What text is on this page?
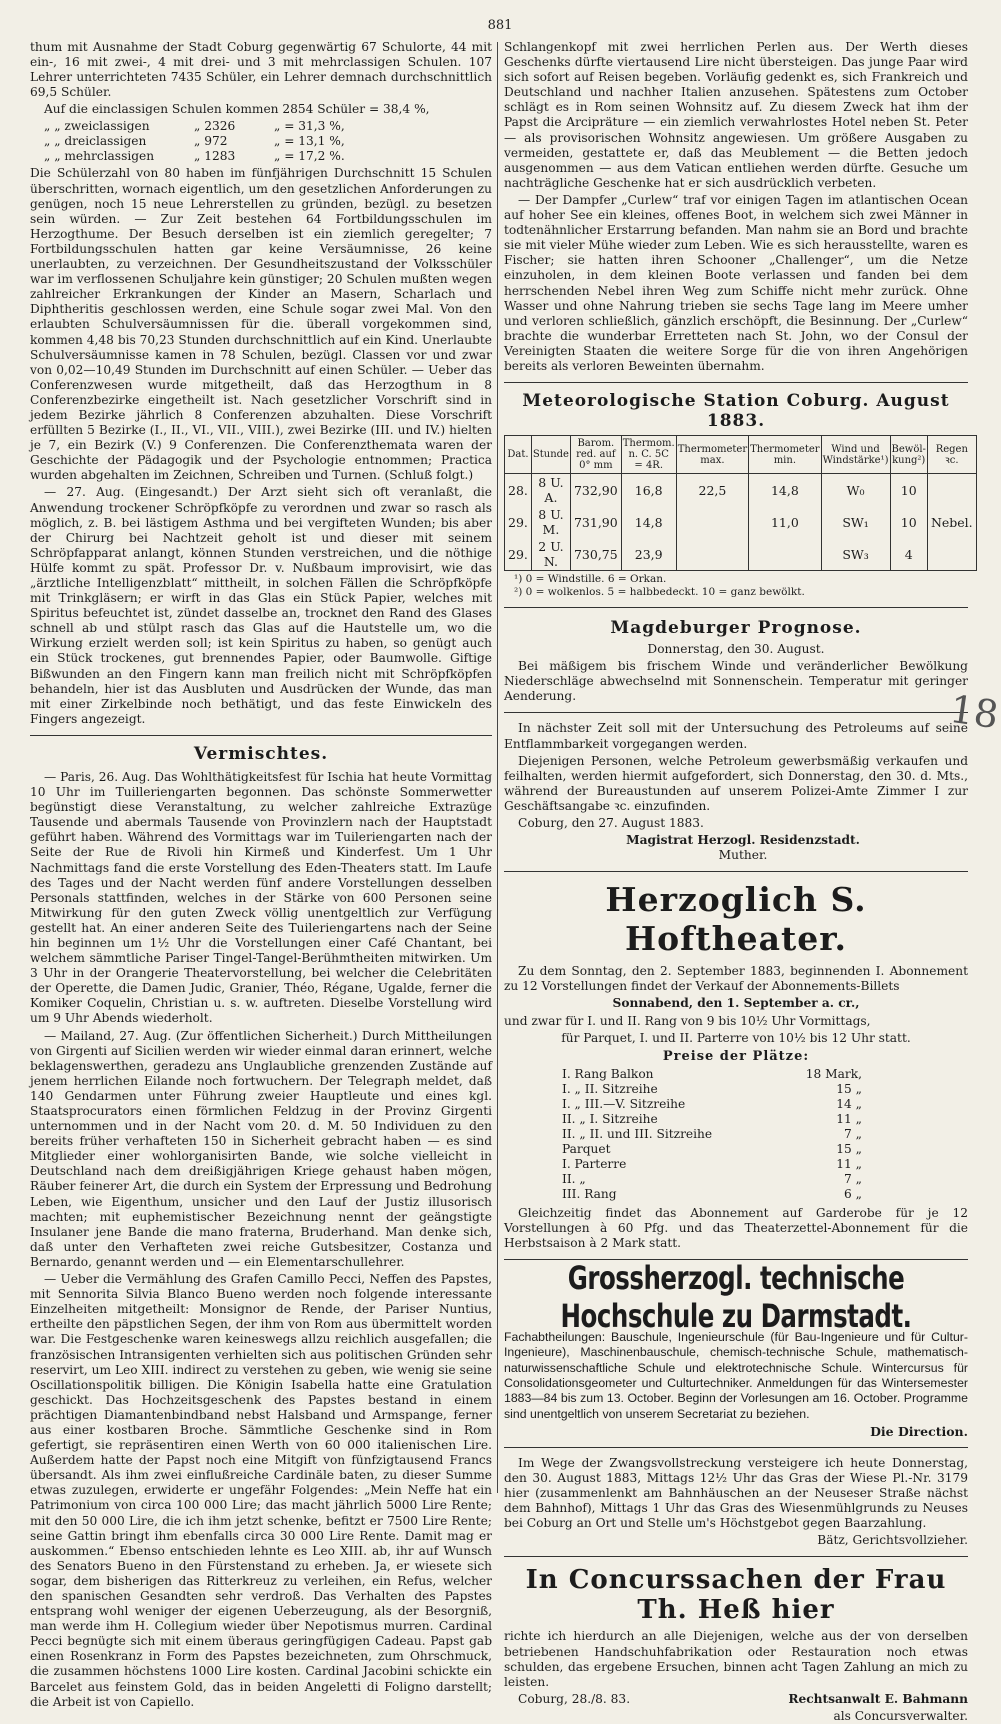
881

thum mit Ausnahme der Stadt Coburg gegenwärtig 67 Schulorte, 44 mit ein-, 16 mit zwei-, 4 mit drei- und 3 mit mehrclassigen Schulen. 107 Lehrer unterrichteten 7435 Schüler, ein Lehrer demnach durchschnittlich 69,5 Schüler.

Auf die einclassigen Schulen kommen 2854 Schüler = 38,4 %,

„ „ zweiclassigen	„ 2326	„ = 31,3 %,
„ „ dreiclassigen	„ 972	„ = 13,1 %,
„ „ mehrclassigen	„ 1283	„ = 17,2 %.

Die Schülerzahl von 80 haben im fünfjährigen Durchschnitt 15 Schulen überschritten, wornach eigentlich, um den gesetzlichen Anforderungen zu genügen, noch 15 neue Lehrerstellen zu gründen, bezügl. zu besetzen sein würden. — Zur Zeit bestehen 64 Fortbildungsschulen im Herzogthume. Der Besuch derselben ist ein ziemlich geregelter; 7 Fortbildungsschulen hatten gar keine Versäumnisse, 26 keine unerlaubten, zu verzeichnen. Der Gesundheitszustand der Volksschüler war im verflossenen Schuljahre kein günstiger; 20 Schulen mußten wegen zahlreicher Erkrankungen der Kinder an Masern, Scharlach und Diphtheritis geschlossen werden, eine Schule sogar zwei Mal. Von den erlaubten Schulversäumnissen für die. überall vorgekommen sind, kommen 4,48 bis 70,23 Stunden durchschnittlich auf ein Kind. Unerlaubte Schulversäumnisse kamen in 78 Schulen, bezügl. Classen vor und zwar von 0,02—10,49 Stunden im Durchschnitt auf einen Schüler. — Ueber das Conferenzwesen wurde mitgetheilt, daß das Herzogthum in 8 Conferenzbezirke eingetheilt ist. Nach gesetzlicher Vorschrift sind in jedem Bezirke jährlich 8 Conferenzen abzuhalten. Diese Vorschrift erfüllten 5 Bezirke (I., II., VI., VII., VIII.), zwei Bezirke (III. und IV.) hielten je 7, ein Bezirk (V.) 9 Conferenzen. Die Conferenzthemata waren der Geschichte der Pädagogik und der Psychologie entnommen; Practica wurden abgehalten im Zeichnen, Schreiben und Turnen. (Schluß folgt.)

— 27. Aug. (Eingesandt.) Der Arzt sieht sich oft veranlaßt, die Anwendung trockener Schröpfköpfe zu verordnen und zwar so rasch als möglich, z. B. bei lästigem Asthma und bei vergifteten Wunden; bis aber der Chirurg bei Nachtzeit geholt ist und dieser mit seinem Schröpfapparat anlangt, können Stunden verstreichen, und die nöthige Hülfe kommt zu spät. Professor Dr. v. Nußbaum improvisirt, wie das „ärztliche Intelligenzblatt“ mittheilt, in solchen Fällen die Schröpfköpfe mit Trinkgläsern; er wirft in das Glas ein Stück Papier, welches mit Spiritus befeuchtet ist, zündet dasselbe an, trocknet den Rand des Glases schnell ab und stülpt rasch das Glas auf die Hautstelle um, wo die Wirkung erzielt werden soll; ist kein Spiritus zu haben, so genügt auch ein Stück trockenes, gut brennendes Papier, oder Baumwolle. Giftige Bißwunden an den Fingern kann man freilich nicht mit Schröpfköpfen behandeln, hier ist das Ausbluten und Ausdrücken der Wunde, das man mit einer Zirkelbinde noch bethätigt, und das feste Einwickeln des Fingers angezeigt.

Vermischtes.

— Paris, 26. Aug. Das Wohlthätigkeitsfest für Ischia hat heute Vormittag 10 Uhr im Tuilleriengarten begonnen. Das schönste Sommerwetter begünstigt diese Veranstaltung, zu welcher zahlreiche Extrazüge Tausende und abermals Tausende von Provinzlern nach der Hauptstadt geführt haben. Während des Vormittags war im Tuileriengarten nach der Seite der Rue de Rivoli hin Kirmeß und Kinderfest. Um 1 Uhr Nachmittags fand die erste Vorstellung des Eden-Theaters statt. Im Laufe des Tages und der Nacht werden fünf andere Vorstellungen desselben Personals stattfinden, welches in der Stärke von 600 Personen seine Mitwirkung für den guten Zweck völlig unentgeltlich zur Verfügung gestellt hat. An einer anderen Seite des Tuileriengartens nach der Seine hin beginnen um 1½ Uhr die Vorstellungen einer Café Chantant, bei welchem sämmtliche Pariser Tingel-Tangel-Berühmtheiten mitwirken. Um 3 Uhr in der Orangerie Theatervorstellung, bei welcher die Celebritäten der Operette, die Damen Judic, Granier, Théo, Régane, Ugalde, ferner die Komiker Coquelin, Christian u. s. w. auftreten. Dieselbe Vorstellung wird um 9 Uhr Abends wiederholt.

— Mailand, 27. Aug. (Zur öffentlichen Sicherheit.) Durch Mittheilungen von Girgenti auf Sicilien werden wir wieder einmal daran erinnert, welche beklagenswerthen, geradezu ans Unglaubliche grenzenden Zustände auf jenem herrlichen Eilande noch fortwuchern. Der Telegraph meldet, daß 140 Gendarmen unter Führung zweier Hauptleute und eines kgl. Staatsprocurators einen förmlichen Feldzug in der Provinz Girgenti unternommen und in der Nacht vom 20. d. M. 50 Individuen zu den bereits früher verhafteten 150 in Sicherheit gebracht haben — es sind Mitglieder einer wohlorganisirten Bande, wie solche vielleicht in Deutschland nach dem dreißigjährigen Kriege gehaust haben mögen, Räuber feinerer Art, die durch ein System der Erpressung und Bedrohung Leben, wie Eigenthum, unsicher und den Lauf der Justiz illusorisch machten; mit euphemistischer Bezeichnung nennt der geängstigte Insulaner jene Bande die mano fraterna, Bruderhand. Man denke sich, daß unter den Verhafteten zwei reiche Gutsbesitzer, Costanza und Bernardo, genannt werden und — ein Elementarschullehrer.

— Ueber die Vermählung des Grafen Camillo Pecci, Neffen des Papstes, mit Sennorita Silvia Blanco Bueno werden noch folgende interessante Einzelheiten mitgetheilt: Monsignor de Rende, der Pariser Nuntius, ertheilte den päpstlichen Segen, der ihm von Rom aus übermittelt worden war. Die Festgeschenke waren keineswegs allzu reichlich ausgefallen; die französischen Intransigenten verhielten sich aus politischen Gründen sehr reservirt, um Leo XIII. indirect zu verstehen zu geben, wie wenig sie seine Oscillationspolitik billigen. Die Königin Isabella hatte eine Gratulation geschickt. Das Hochzeitsgeschenk des Papstes bestand in einem prächtigen Diamantenbindband nebst Halsband und Armspange, ferner aus einer kostbaren Broche. Sämmtliche Geschenke sind in Rom gefertigt, sie repräsentiren einen Werth von 60 000 italienischen Lire. Außerdem hatte der Papst noch eine Mitgift von fünfzigtausend Francs übersandt. Als ihm zwei einflußreiche Cardinäle baten, zu dieser Summe etwas zuzulegen, erwiderte er ungefähr Folgendes: „Mein Neffe hat ein Patrimonium von circa 100 000 Lire; das macht jährlich 5000 Lire Rente; mit den 50 000 Lire, die ich ihm jetzt schenke, befitzt er 7500 Lire Rente; seine Gattin bringt ihm ebenfalls circa 30 000 Lire Rente. Damit mag er auskommen.“ Ebenso entschieden lehnte es Leo XIII. ab, ihr auf Wunsch des Senators Bueno in den Fürstenstand zu erheben. Ja, er wiesete sich sogar, dem bisherigen das Ritterkreuz zu verleihen, ein Refus, welcher den spanischen Gesandten sehr verdroß. Das Verhalten des Papstes entsprang wohl weniger der eigenen Ueberzeugung, als der Besorgniß, man werde ihm H. Collegium wieder über Nepotismus murren. Cardinal Pecci begnügte sich mit einem überaus geringfügigen Cadeau. Papst gab einen Rosenkranz in Form des Papstes bezeichneten, zum Ohrschmuck, die zusammen höchstens 1000 Lire kosten. Cardinal Jacobini schickte ein Barcelet aus feinstem Gold, das in beiden Angeletti di Foligno darstellt; die Arbeit ist von Capiello.

Schlangenkopf mit zwei herrlichen Perlen aus. Der Werth dieses Geschenks dürfte viertausend Lire nicht übersteigen. Das junge Paar wird sich sofort auf Reisen begeben. Vorläufig gedenkt es, sich Frankreich und Deutschland und nachher Italien anzusehen. Spätestens zum October schlägt es in Rom seinen Wohnsitz auf. Zu diesem Zweck hat ihm der Papst die Arcipräture — ein ziemlich verwahrlostes Hotel neben St. Peter — als provisorischen Wohnsitz angewiesen. Um größere Ausgaben zu vermeiden, gestattete er, daß das Meublement — die Betten jedoch ausgenommen — aus dem Vatican entliehen werden dürfte. Gesuche um nachträgliche Geschenke hat er sich ausdrücklich verbeten.

— Der Dampfer „Curlew“ traf vor einigen Tagen im atlantischen Ocean auf hoher See ein kleines, offenes Boot, in welchem sich zwei Männer in todtenähnlicher Erstarrung befanden. Man nahm sie an Bord und brachte sie mit vieler Mühe wieder zum Leben. Wie es sich herausstellte, waren es Fischer; sie hatten ihren Schooner „Challenger“, um die Netze einzuholen, in dem kleinen Boote verlassen und fanden bei dem herrschenden Nebel ihren Weg zum Schiffe nicht mehr zurück. Ohne Wasser und ohne Nahrung trieben sie sechs Tage lang im Meere umher und verloren schließlich, gänzlich erschöpft, die Besinnung. Der „Curlew“ brachte die wunderbar Erretteten nach St. John, wo der Consul der Vereinigten Staaten die weitere Sorge für die von ihren Angehörigen bereits als verloren Beweinten übernahm.

Meteorologische Station Coburg. August 1883.
Dat.	Stunde	Barom. red. auf 0° mm	Thermom. n. C. 5C = 4R.	Thermometer max.	Thermometer min.	Wind und Windstärke¹)	Bewöl- kung²)	Regen ꝛc.
28.	8 U. A.	732,90	16,8	22,5	14,8	W₀	10	
29.	8 U. M.	731,90	14,8		11,0	SW₁	10	Nebel.
29.	2 U. N.	730,75	23,9			SW₃	4	
¹) 0 = Windstille. 6 = Orkan.
²) 0 = wolkenlos. 5 = halbbedeckt. 10 = ganz bewölkt.
Magdeburger Prognose.

Donnerstag, den 30. August.

Bei mäßigem bis frischem Winde und veränderlicher Bewölkung Niederschläge abwechselnd mit Sonnenschein. Temperatur mit geringer Aenderung.

In nächster Zeit soll mit der Untersuchung des Petroleums auf seine Entflammbarkeit vorgegangen werden.

Diejenigen Personen, welche Petroleum gewerbsmäßig verkaufen und feilhalten, werden hiermit aufgefordert, sich Donnerstag, den 30. d. Mts., während der Bureaustunden auf unserem Polizei-Amte Zimmer I zur Geschäftsangabe ꝛc. einzufinden.

Coburg, den 27. August 1883.

Magistrat Herzogl. Residenzstadt.

Muther.

Herzoglich S. Hoftheater.

Zu dem Sonntag, den 2. September 1883, beginnenden I. Abonnement zu 12 Vorstellungen findet der Verkauf der Abonnements-Billets

Sonnabend, den 1. September a. cr.,

und zwar für I. und II. Rang von 9 bis 10½ Uhr Vormittags,

für Parquet, I. und II. Parterre von 10½ bis 12 Uhr statt.

Preise der Plätze:
I. Rang Balkon	18 Mark,
I. „ II. Sitzreihe	15 „
I. „ III.—V. Sitzreihe	14 „
II. „ I. Sitzreihe	11 „
II. „ II. und III. Sitzreihe	7 „
Parquet	15 „
I. Parterre	11 „
II. „	7 „
III. Rang	6 „

Gleichzeitig findet das Abonnement auf Garderobe für je 12 Vorstellungen à 60 Pfg. und das Theaterzettel-Abonnement für die Herbstsaison à 2 Mark statt.

Grossherzogl. technische Hochschule zu Darmstadt.

Fachabtheilungen: Bauschule, Ingenieurschule (für Bau-Ingenieure und für Cultur-Ingenieure), Maschinenbauschule, chemisch-technische Schule, mathematisch-naturwissenschaftliche Schule und elektrotechnische Schule. Wintercursus für Consolidationsgeometer und Culturtechniker. Anmeldungen für das Wintersemester 1883—84 bis zum 13. October. Beginn der Vorlesungen am 16. October. Programme sind unentgeltlich von unserem Secretariat zu beziehen.

Die Direction.

Im Wege der Zwangsvollstreckung versteigere ich heute Donnerstag, den 30. August 1883, Mittags 12½ Uhr das Gras der Wiese Pl.-Nr. 3179 hier (zusammenlenkt am Bahnhäuschen an der Neuseser Straße nächst dem Bahnhof), Mittags 1 Uhr das Gras des Wiesenmühlgrunds zu Neuses bei Coburg an Ort und Stelle um's Höchstgebot gegen Baarzahlung.

Bätz, Gerichtsvollzieher.

In Concurssachen der Frau Th. Heß hier

richte ich hierdurch an alle Diejenigen, welche aus der von derselben betriebenen Handschuhfabrikation oder Restauration noch etwas schulden, das ergebene Ersuchen, binnen acht Tagen Zahlung an mich zu leisten.

Coburg, 28./8. 83.	Rechtsanwalt E. Bahmann

als Concursverwalter.

18
